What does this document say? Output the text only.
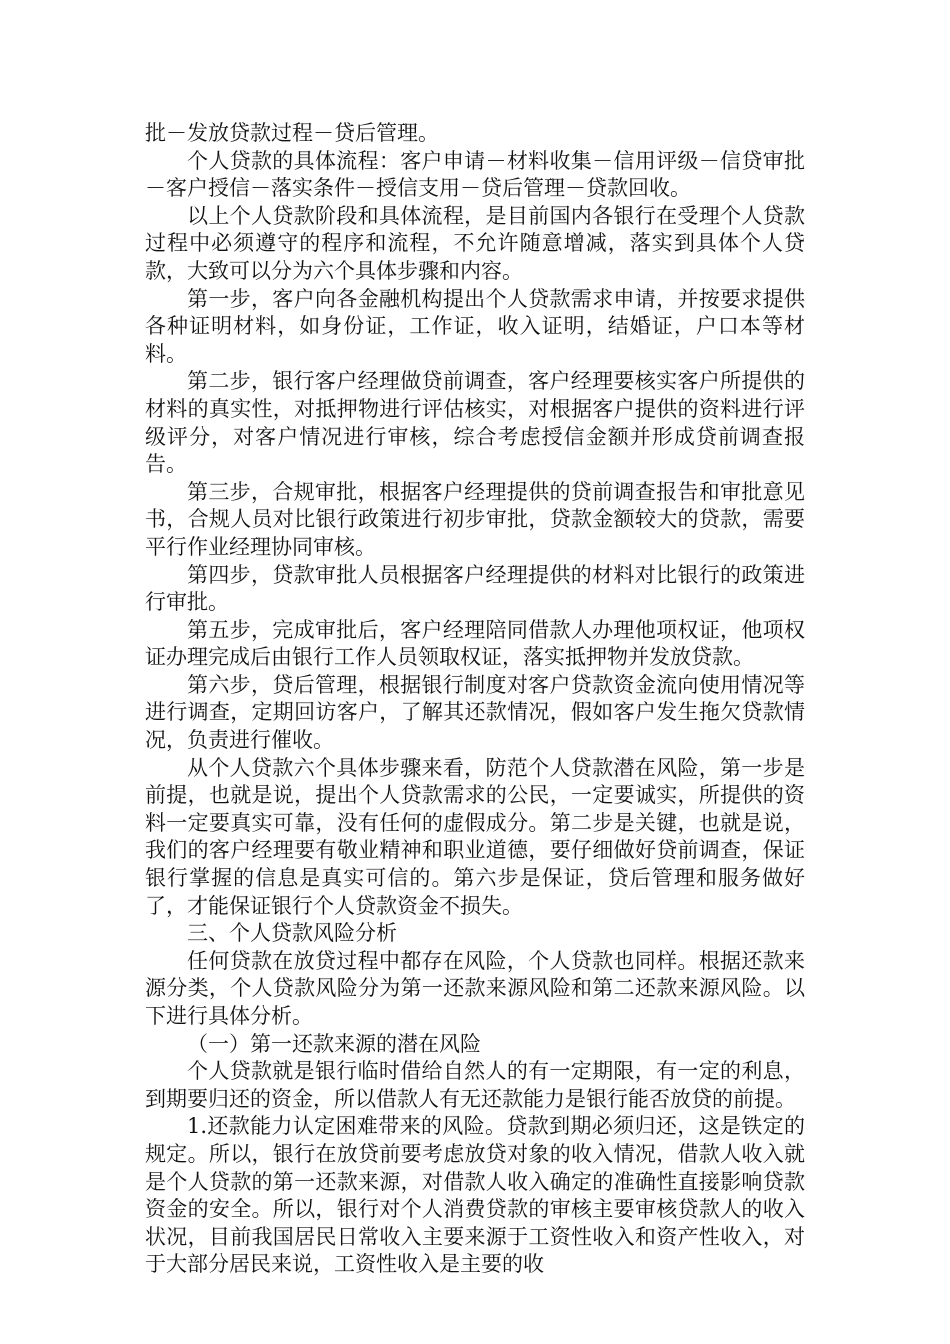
批－发放贷款过程－贷后管理。

个人贷款的具体流程：客户申请－材料收集－信用评级－信贷审批－客户授信－落实条件－授信支用－贷后管理－贷款回收。

以上个人贷款阶段和具体流程，是目前国内各银行在受理个人贷款过程中必须遵守的程序和流程，不允许随意增减，落实到具体个人贷款，大致可以分为六个具体步骤和内容。

第一步，客户向各金融机构提出个人贷款需求申请，并按要求提供各种证明材料，如身份证，工作证，收入证明，结婚证，户口本等材料。

第二步，银行客户经理做贷前调查，客户经理要核实客户所提供的材料的真实性，对抵押物进行评估核实，对根据客户提供的资料进行评级评分，对客户情况进行审核，综合考虑授信金额并形成贷前调查报告。

第三步，合规审批，根据客户经理提供的贷前调查报告和审批意见书，合规人员对比银行政策进行初步审批，贷款金额较大的贷款，需要平行作业经理协同审核。

第四步，贷款审批人员根据客户经理提供的材料对比银行的政策进行审批。

第五步，完成审批后，客户经理陪同借款人办理他项权证，他项权证办理完成后由银行工作人员领取权证，落实抵押物并发放贷款。

第六步，贷后管理，根据银行制度对客户贷款资金流向使用情况等进行调查，定期回访客户，了解其还款情况，假如客户发生拖欠贷款情况，负责进行催收。

从个人贷款六个具体步骤来看，防范个人贷款潜在风险，第一步是前提，也就是说，提出个人贷款需求的公民，一定要诚实，所提供的资料一定要真实可靠，没有任何的虚假成分。第二步是关键，也就是说，我们的客户经理要有敬业精神和职业道德，要仔细做好贷前调查，保证银行掌握的信息是真实可信的。第六步是保证，贷后管理和服务做好了，才能保证银行个人贷款资金不损失。

三、个人贷款风险分析

任何贷款在放贷过程中都存在风险，个人贷款也同样。根据还款来源分类，个人贷款风险分为第一还款来源风险和第二还款来源风险。以下进行具体分析。

（一）第一还款来源的潜在风险

个人贷款就是银行临时借给自然人的有一定期限，有一定的利息，到期要归还的资金，所以借款人有无还款能力是银行能否放贷的前提。

1.还款能力认定困难带来的风险。贷款到期必须归还，这是铁定的规定。所以，银行在放贷前要考虑放贷对象的收入情况，借款人收入就是个人贷款的第一还款来源，对借款人收入确定的准确性直接影响贷款资金的安全。所以，银行对个人消费贷款的审核主要审核贷款人的收入状况，目前我国居民日常收入主要来源于工资性收入和资产性收入，对于大部分居民来说，工资性收入是主要的收
